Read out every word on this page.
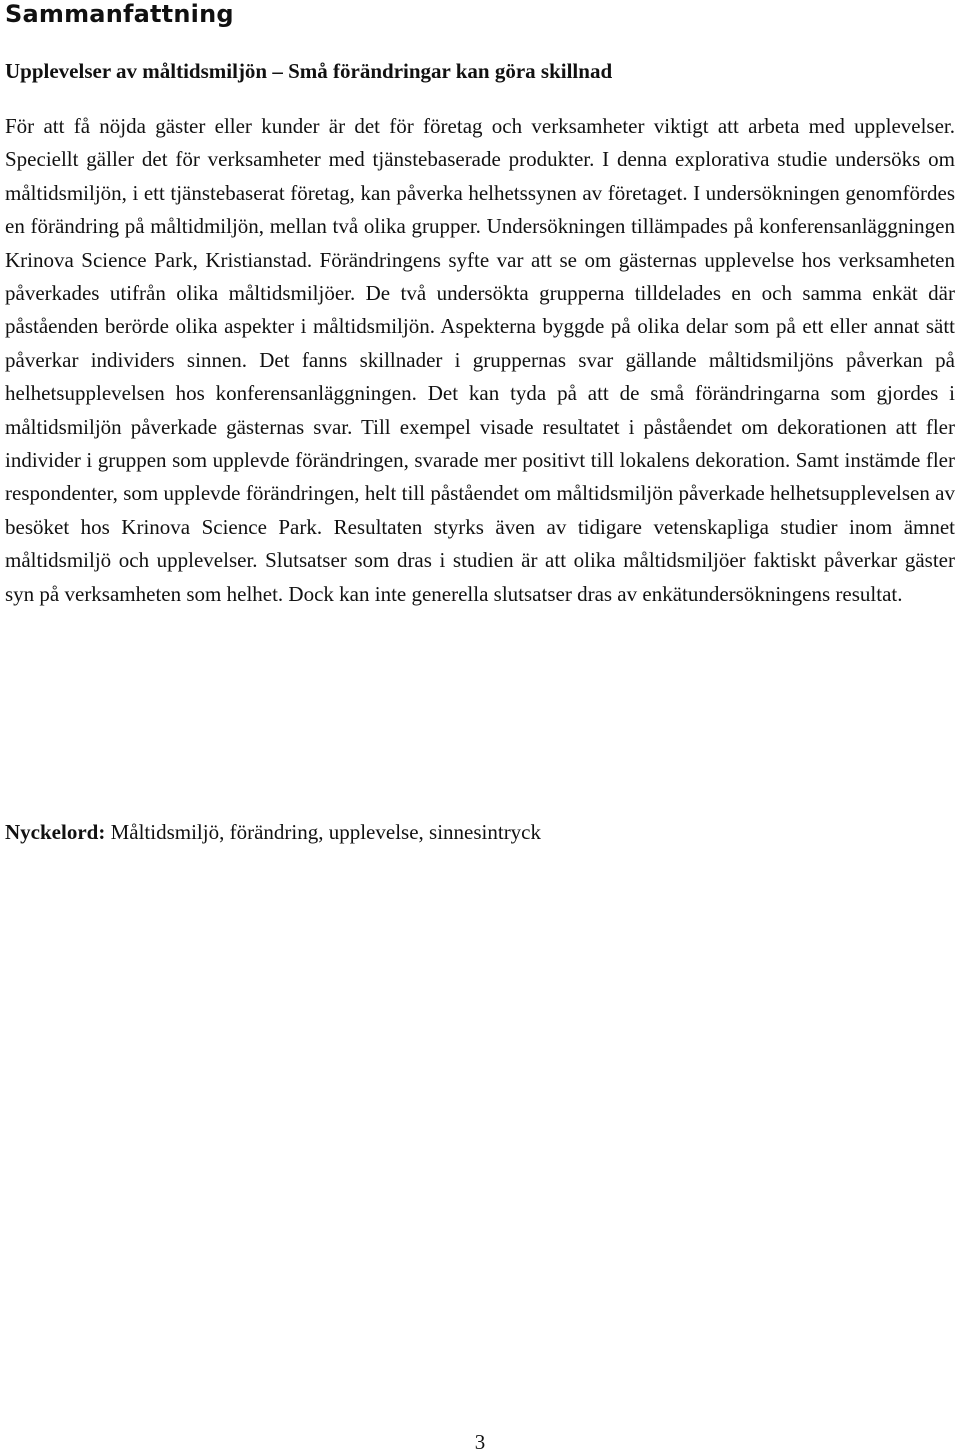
Sammanfattning
Upplevelser av måltidsmiljön – Små förändringar kan göra skillnad

För att få nöjda gäster eller kunder är det för företag och verksamheter viktigt att arbeta med upplevelser. Speciellt gäller det för verksamheter med tjänstebaserade produkter. I denna explorativa studie undersöks om måltidsmiljön, i ett tjänstebaserat företag, kan påverka helhetssynen av företaget. I undersökningen genomfördes en förändring på måltidmiljön, mellan två olika grupper. Undersökningen tillämpades på konferensanläggningen Krinova Science Park, Kristianstad. Förändringens syfte var att se om gästernas upplevelse hos verksamheten påverkades utifrån olika måltidsmiljöer. De två undersökta grupperna tilldelades en och samma enkät där påståenden berörde olika aspekter i måltidsmiljön. Aspekterna byggde på olika delar som på ett eller annat sätt påverkar individers sinnen. Det fanns skillnader i gruppernas svar gällande måltidsmiljöns påverkan på helhetsupplevelsen hos konferensanläggningen. Det kan tyda på att de små förändringarna som gjordes i måltidsmiljön påverkade gästernas svar. Till exempel visade resultatet i påståendet om dekorationen att fler individer i gruppen som upplevde förändringen, svarade mer positivt till lokalens dekoration. Samt instämde fler respondenter, som upplevde förändringen, helt till påståendet om måltidsmiljön påverkade helhetsupplevelsen av besöket hos Krinova Science Park. Resultaten styrks även av tidigare vetenskapliga studier inom ämnet måltidsmiljö och upplevelser. Slutsatser som dras i studien är att olika måltidsmiljöer faktiskt påverkar gäster syn på verksamheten som helhet. Dock kan inte generella slutsatser dras av enkätundersökningens resultat.

Nyckelord: Måltidsmiljö, förändring, upplevelse, sinnesintryck

3
